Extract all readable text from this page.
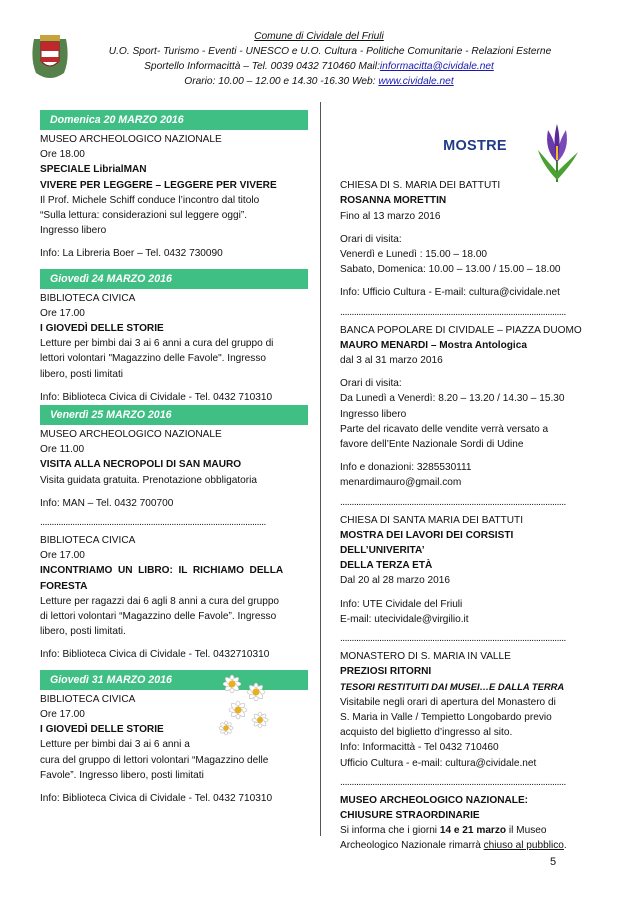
Comune di Cividale del Friuli
U.O. Sport- Turismo - Eventi - UNESCO e U.O. Cultura - Politiche Comunitarie - Relazioni Esterne
Sportello Informacittà – Tel. 0039 0432 710460 Mail:informacitta@cividale.net
Orario: 10.00 – 12.00 e 14.30 -16.30 Web: www.cividale.net
Domenica 20 MARZO 2016

MUSEO ARCHEOLOGICO NAZIONALE

Ore 18.00

SPECIALE LibrialMAN

VIVERE PER LEGGERE – LEGGERE PER VIVERE

Il Prof. Michele Schiff conduce l’incontro dal titolo

“Sulla lettura: considerazioni sul leggere oggi”.

Ingresso libero

Info: La Libreria Boer – Tel. 0432 730090

Giovedì 24 MARZO 2016

BIBLIOTECA CIVICA

Ore 17.00

I GIOVEDÌ DELLE STORIE

Letture per bimbi dai 3 ai 6 anni a cura del gruppo di

lettori volontari "Magazzino delle Favole". Ingresso

libero, posti limitati

Info: Biblioteca Civica di Cividale - Tel. 0432 710310

Venerdì 25 MARZO 2016

MUSEO ARCHEOLOGICO NAZIONALE

Ore 11.00

VISITA ALLA NECROPOLI DI SAN MAURO

Visita guidata gratuita. Prenotazione obbligatoria

Info: MAN – Tel. 0432 700700

..................................................................................................

BIBLIOTECA CIVICA

Ore 17.00

INCONTRIAMO  UN  LIBRO:  IL  RICHIAMO  DELLA

FORESTA

Letture per ragazzi dai 6 agli 8 anni a cura del gruppo

di lettori volontari “Magazzino delle Favole”. Ingresso

libero, posti limitati.

Info: Biblioteca Civica di Cividale - Tel. 0432710310

Giovedì 31 MARZO 2016

BIBLIOTECA CIVICA

Ore 17.00

I GIOVEDÌ DELLE STORIE

Letture per bimbi dai 3 ai 6 anni a

cura del gruppo di lettori volontari “Magazzino delle

Favole”. Ingresso libero, posti limitati

Info: Biblioteca Civica di Cividale - Tel. 0432 710310

MOSTRE

CHIESA DI S. MARIA DEI BATTUTI

ROSANNA MORETTIN

Fino al 13 marzo 2016

Orari di visita:

Venerdì e Lunedì : 15.00 – 18.00

Sabato, Domenica: 10.00 – 13.00 / 15.00 – 18.00

Info: Ufficio Cultura - E-mail: cultura@cividale.net

..................................................................................................

BANCA POPOLARE DI CIVIDALE – PIAZZA DUOMO

MAURO MENARDI – Mostra Antologica

dal 3 al 31 marzo 2016

Orari di visita:

Da Lunedì a Venerdì: 8.20 – 13.20 / 14.30 – 15.30

Ingresso libero

Parte del ricavato delle vendite verrà versato a

favore dell’Ente Nazionale Sordi di Udine

Info e donazioni: 3285530111

menardimauro@gmail.com

..................................................................................................

CHIESA DI SANTA MARIA DEI BATTUTI

MOSTRA DEI LAVORI DEI CORSISTI DELL’UNIVERITA’

DELLA TERZA ETÀ

Dal 20 al 28 marzo 2016

Info: UTE Cividale del Friuli

E-mail: utecividale@virgilio.it

..................................................................................................

MONASTERO DI S. MARIA IN VALLE

PREZIOSI RITORNI

TESORI RESTITUITI DAI MUSEI…E DALLA TERRA

Visitabile negli orari di apertura del Monastero di

S. Maria in Valle / Tempietto Longobardo previo

acquisto del biglietto d’ingresso al sito.

Info: Informacittà - Tel 0432 710460

Ufficio Cultura - e-mail: cultura@cividale.net

..................................................................................................

MUSEO ARCHEOLOGICO NAZIONALE:

CHIUSURE STRAORDINARIE

Si informa che i giorni 14 e 21 marzo il Museo

Archeologico Nazionale rimarrà chiuso al pubblico.

5
